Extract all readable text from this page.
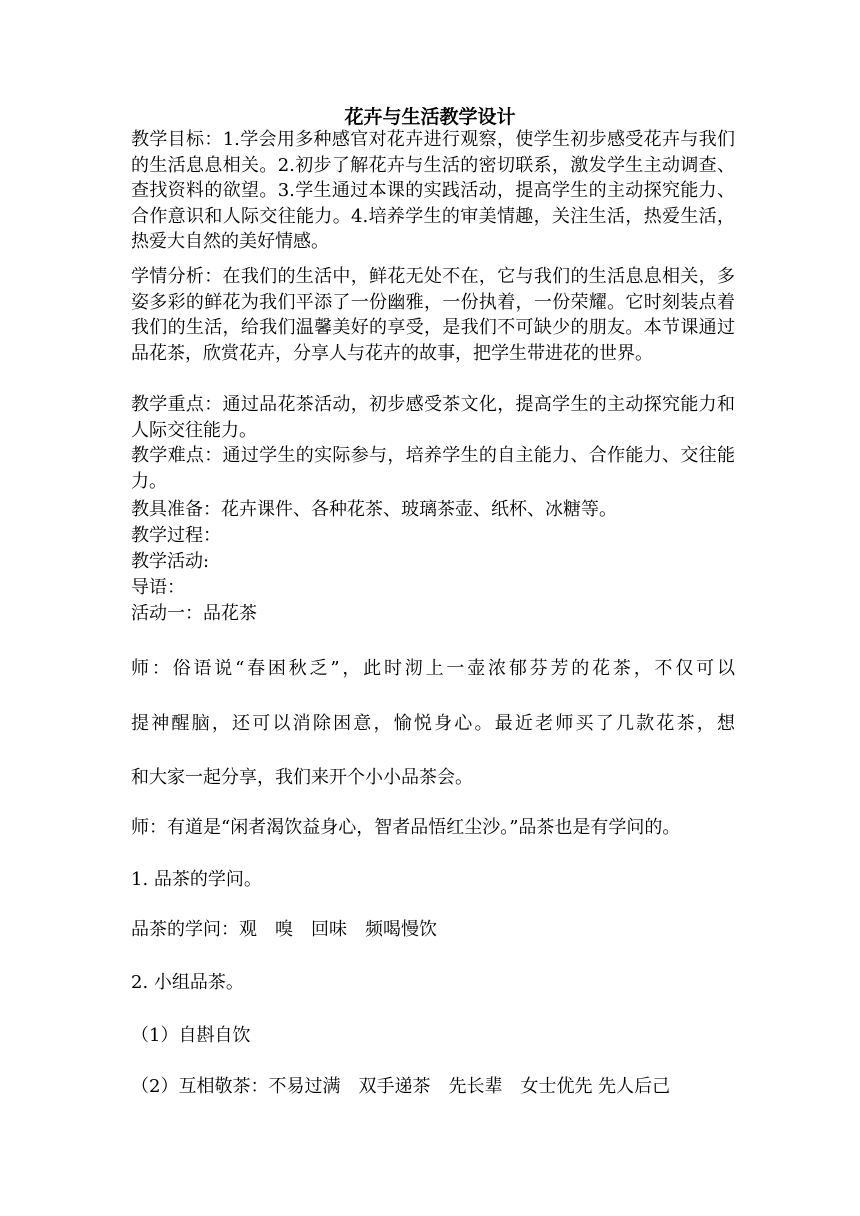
花卉与生活教学设计

教学目标：1.学会用多种感官对花卉进行观察，使学生初步感受花卉与我们的生活息息相关。2.初步了解花卉与生活的密切联系，激发学生主动调查、查找资料的欲望。3.学生通过本课的实践活动，提高学生的主动探究能力、合作意识和人际交往能力。4.培养学生的审美情趣，关注生活，热爱生活，热爱大自然的美好情感。

学情分析：在我们的生活中，鲜花无处不在，它与我们的生活息息相关，多姿多彩的鲜花为我们平添了一份幽雅，一份执着，一份荣耀。它时刻装点着我们的生活，给我们温馨美好的享受，是我们不可缺少的朋友。本节课通过品花茶，欣赏花卉，分享人与花卉的故事，把学生带进花的世界。

教学重点：通过品花茶活动，初步感受茶文化，提高学生的主动探究能力和人际交往能力。

教学难点：通过学生的实际参与，培养学生的自主能力、合作能力、交往能力。

教具准备：花卉课件、各种花茶、玻璃茶壶、纸杯、冰糖等。

教学过程：

教学活动:

导语：

活动一：品花茶

师：俗语说“春困秋乏”，此时沏上一壶浓郁芬芳的花茶，不仅可以

提神醒脑，还可以消除困意，愉悦身心。最近老师买了几款花茶，想

和大家一起分享，我们来开个小小品茶会。

师：有道是“闲者渴饮益身心，智者品悟红尘沙。”品茶也是有学问的。

1. 品茶的学问。

品茶的学问：观　嗅　回味　频喝慢饮

2. 小组品茶。

（1）自斟自饮

（2）互相敬茶：不易过满　双手递茶　先长辈　女士优先 先人后己
